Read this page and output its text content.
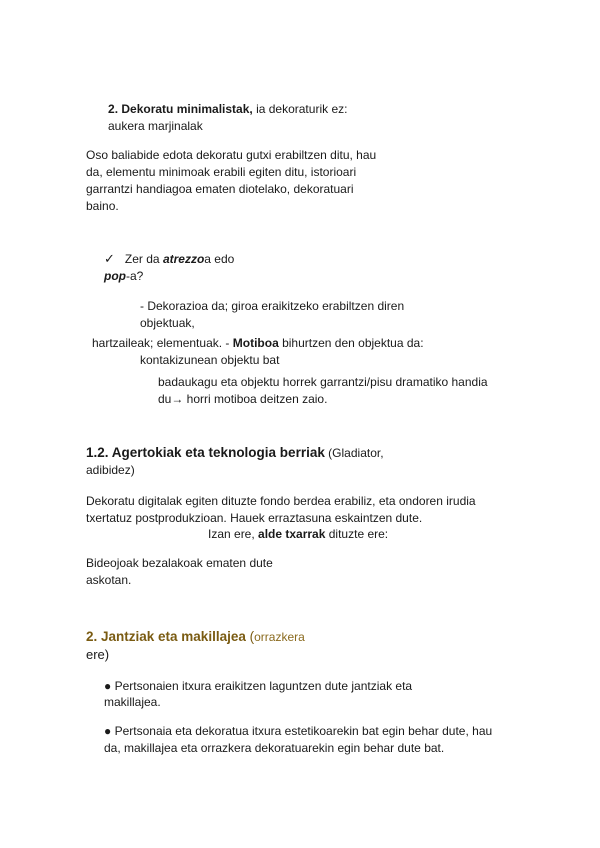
2. Dekoratu minimalistak, ia dekoraturik ez:
aukera marjinalak
Oso baliabide edota dekoratu gutxi erabiltzen ditu, hau
da, elementu minimoak erabili egiten ditu, istorioari
garrantzi handiagoa ematen diotelako, dekoratuari
baino.
✓ Zer da atrezzoa edo
pop-a?
- Dekorazioa da; giroa eraikitzeko erabiltzen diren
objektuak,
hartzaileak; elementuak. - Motiboa bihurtzen den objektua da:
kontakizunean objektu bat
badaukagu eta objektu horrek garrantzi/pisu dramatiko handia
du→ horri motiboa deitzen zaio.
1.2. Agertokiak eta teknologia berriak (Gladiator,
adibidez)
Dekoratu digitalak egiten dituzte fondo berdea erabiliz, eta ondoren irudia
txertatuz postprodukzioan. Hauek erraztasuna eskaintzen dute.
Izan ere, alde txarrak dituzte ere:
Bideojoak bezalakoak ematen dute
askotan.
2. Jantziak eta makillajea (orrazkera
ere)
● Pertsonaien itxura eraikitzen laguntzen dute jantziak eta
makillajea.
● Pertsonaia eta dekoratua itxura estetikoarekin bat egin behar dute, hau
da, makillajea eta orrazkera dekoratuarekin egin behar dute bat.
